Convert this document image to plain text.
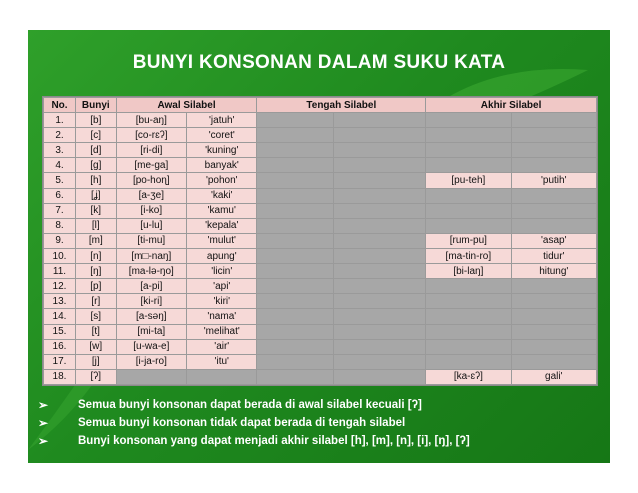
BUNYI KONSONAN DALAM SUKU KATA
No.	Bunyi	Awal Silabel		Tengah Silabel		Akhir Silabel	
1.	[b]	[bu-aŋ]	'jatuh'				
2.	[c]	[co-rɛʔ]	'coret'				
3.	[d]	[ri-di]	'kuning'				
4.	[g]	[me-ga]	banyak'				
5.	[h]	[po-hoɳ]	'pohon'			[pu-teh]	'putih'
6.	[ʝ]	[a-ʒe]	'kaki'				
7.	[k]	[i-ko]	'kamu'				
8.	[l]	[u-lu]	'kepala'				
9.	[m]	[ti-mu]	'mulut'			[rum-pu]	'asap'
10.	[n]	[m□-naŋ]	apung'			[ma-tin-ro]	tidur'
11.	[ŋ]	[ma-lə-ŋo]	'licin'			[bi-laŋ]	hitung'
12.	[p]	[a-pi]	'api'				
13.	[r]	[ki-ri]	'kiri'				
14.	[s]	[a-səŋ]	'nama'				
15.	[t]	[mi-ta]	'melihat'				
16.	[w]	[u-wa-e]	'air'				
17.	[j]	[i-ja-ro]	'itu'				
18.	[ʔ]					[ka-ɛʔ]	gali'
➢	Semua bunyi konsonan dapat berada di awal silabel kecuali [ʔ]
➢	Semua bunyi konsonan tidak dapat berada di tengah silabel
➢	Bunyi konsonan yang dapat menjadi akhir silabel [h], [m], [n], [i], [ŋ], [ʔ]
